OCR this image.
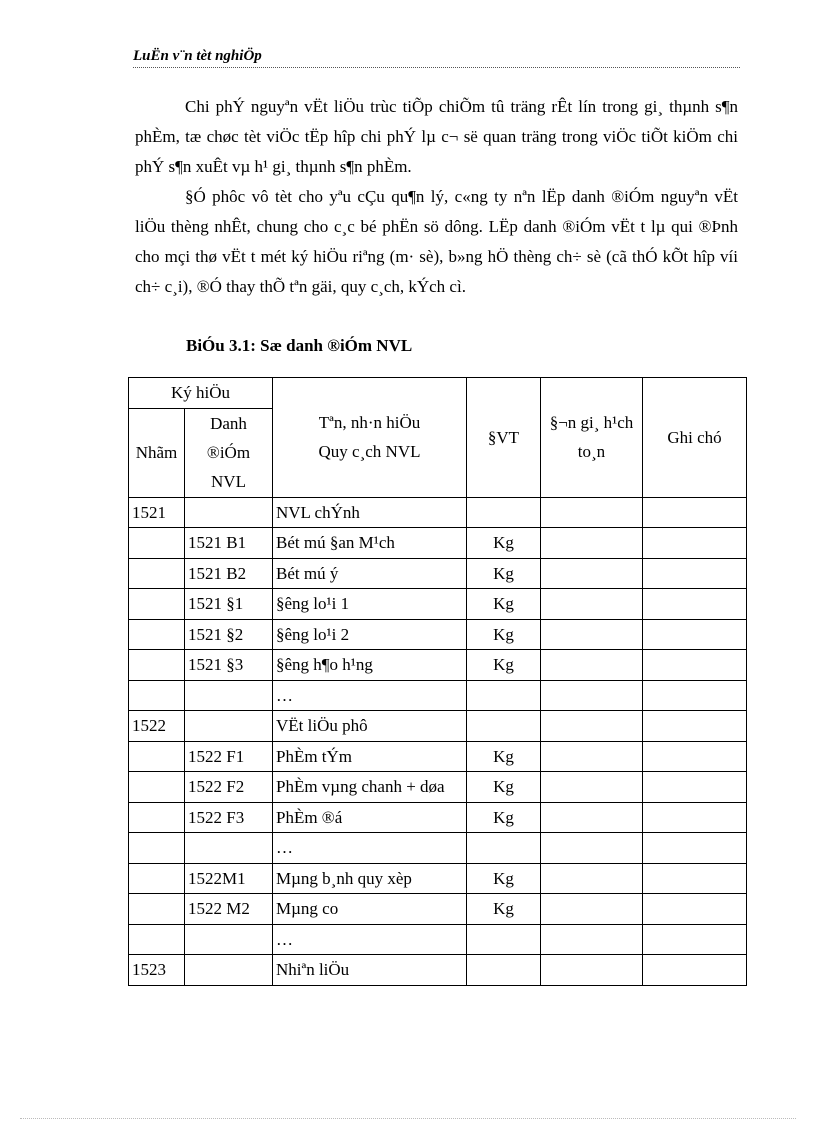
LuËn v¨n tèt nghiÖp

Chi phÝ nguyªn vËt liÖu trùc tiÕp chiÕm tû träng rÊt lín trong gi¸ thµnh s¶n phÈm, tæ chøc tèt viÖc tËp hîp chi phÝ lµ c¬ së quan träng trong viÖc tiÕt kiÖm chi phÝ s¶n xuÊt vµ h¹ gi¸ thµnh s¶n phÈm.

§Ó phôc vô tèt cho yªu cÇu qu¶n lý, c«ng ty nªn lËp danh ®iÓm nguyªn vËt liÖu thèng nhÊt, chung cho c¸c bé phËn sö dông. LËp danh ®iÓm vËt t lµ qui ®Þnh cho mçi thø vËt t mét ký hiÖu riªng (m· sè), b»ng hÖ thèng ch÷ sè (cã thÓ kÕt hîp víi ch÷ c¸i), ®Ó thay thÕ tªn gäi, quy c¸ch, kÝch cì.

BiÓu 3.1: Sæ danh ®iÓm NVL
Ký hiÖu		Tªn, nh·n hiÖu Quy c¸ch NVL	§VT	§¬n gi¸ h¹ch to¸n	Ghi chó
Nhãm	Danh ®iÓm NVL				
1521		NVL chÝnh			
	1521 B1	Bét mú §an M¹ch	Kg		
	1521 B2	Bét mú ý	Kg		
	1521 §1	§êng lo¹i 1	Kg		
	1521 §2	§êng lo¹i 2	Kg		
	1521 §3	§êng h¶o h¹ng	Kg		
		…			
1522		VËt liÖu phô			
	1522 F1	PhÈm tÝm	Kg		
	1522 F2	PhÈm vµng chanh + døa	Kg		
	1522 F3	PhÈm ®á	Kg		
		…			
	1522M1	Mµng b¸nh quy xèp	Kg		
	1522 M2	Mµng co	Kg		
		…			
1523		Nhiªn liÖu			
